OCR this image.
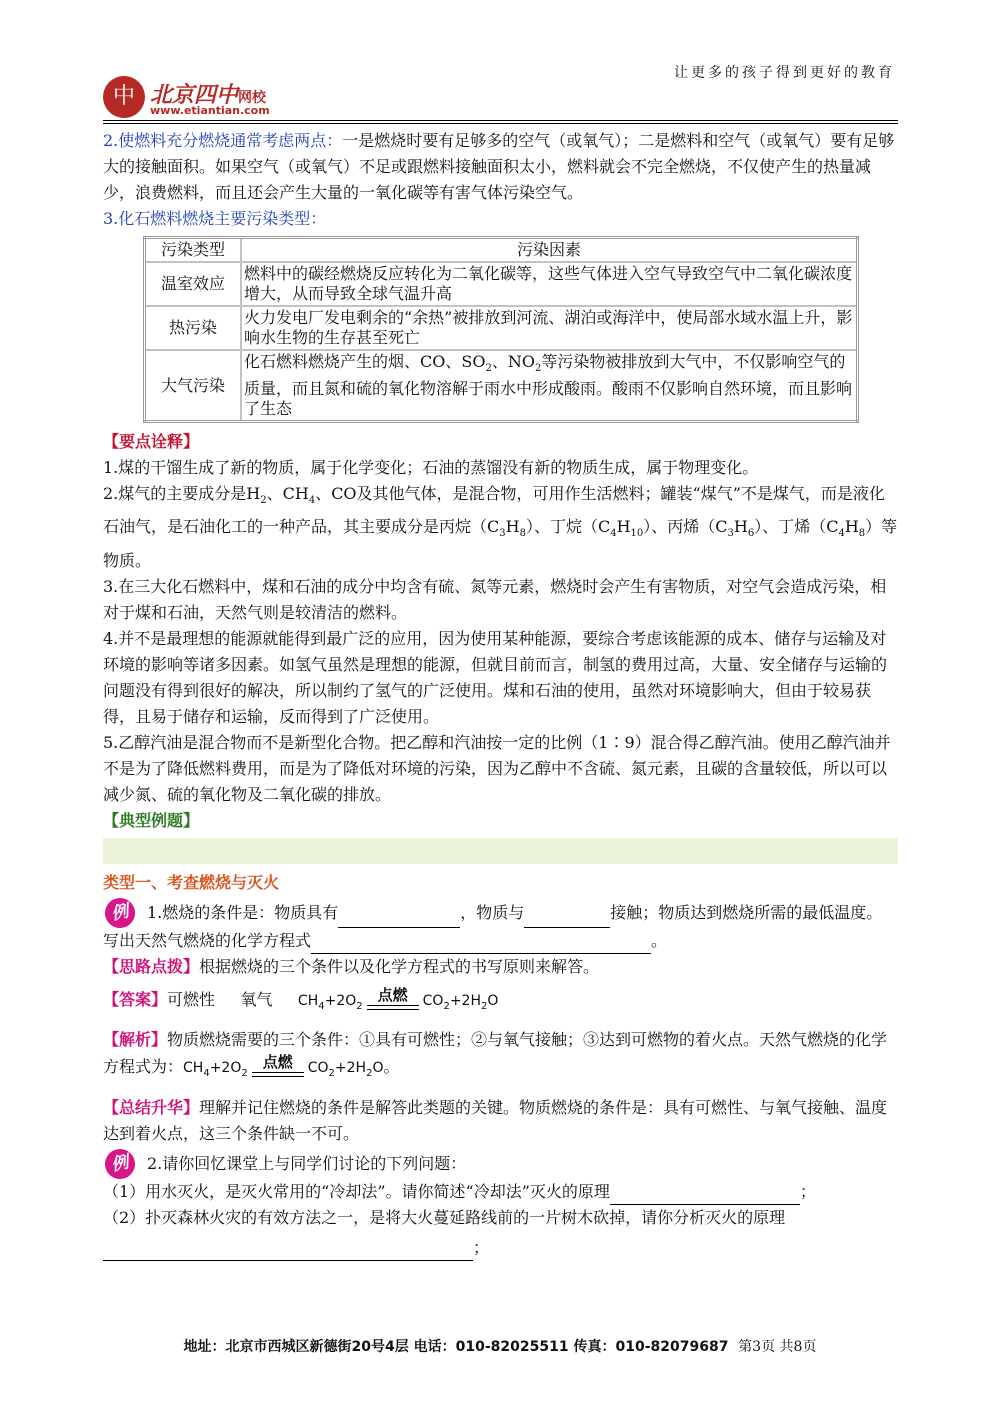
让更多的孩子得到更好的教育
中 北京四中网校
www.etiantian.com

2.使燃料充分燃烧通常考虑两点：一是燃烧时要有足够多的空气（或氧气）；二是燃料和空气（或氧气）要有足够大的接触面积。如果空气（或氧气）不足或跟燃料接触面积太小，燃料就会不完全燃烧，不仅使产生的热量减少，浪费燃料，而且还会产生大量的一氧化碳等有害气体污染空气。

3.化石燃料燃烧主要污染类型：

污染类型	污染因素
温室效应	燃料中的碳经燃烧反应转化为二氧化碳等，这些气体进入空气导致空气中二氧化碳浓度增大，从而导致全球气温升高
热污染	火力发电厂发电剩余的“余热”被排放到河流、湖泊或海洋中，使局部水域水温上升，影响水生物的生存甚至死亡
大气污染	化石燃料燃烧产生的烟、CO、$SO_2$、$NO_2$等污染物被排放到大气中，不仅影响空气的质量，而且氮和硫的氧化物溶解于雨水中形成酸雨。酸雨不仅影响自然环境，而且影响了生态

【要点诠释】

1.煤的干馏生成了新的物质，属于化学变化；石油的蒸馏没有新的物质生成，属于物理变化。

2.煤气的主要成分是$H_2$、$CH_4$、CO及其他气体，是混合物，可用作生活燃料；罐装“煤气”不是煤气，而是液化石油气，是石油化工的一种产品，其主要成分是丙烷$(C_3H_8)$、丁烷$(C_4H_{10})$、丙烯$(C_3H_6)$、丁烯$(C_4H_8)$等物质。

3.在三大化石燃料中，煤和石油的成分中均含有硫、氮等元素，燃烧时会产生有害物质，对空气会造成污染，相对于煤和石油，天然气则是较清洁的燃料。

4.并不是最理想的能源就能得到最广泛的应用，因为使用某种能源，要综合考虑该能源的成本、储存与运输及对环境的影响等诸多因素。如氢气虽然是理想的能源，但就目前而言，制氢的费用过高，大量、安全储存与运输的问题没有得到很好的解决，所以制约了氢气的广泛使用。煤和石油的使用，虽然对环境影响大，但由于较易获得，且易于储存和运输，反而得到了广泛使用。

5.乙醇汽油是混合物而不是新型化合物。把乙醇和汽油按一定的比例（1∶9）混合得乙醇汽油。使用乙醇汽油并不是为了降低燃料费用，而是为了降低对环境的污染，因为乙醇中不含硫、氮元素，且碳的含量较低，所以可以减少氮、硫的氧化物及二氧化碳的排放。

【典型例题】

类型一、考查燃烧与灭火

例 1.燃烧的条件是：物质具有	，物质与	接触；物质达到燃烧所需的最低温度。写出天然气燃烧的化学方程式	。

【思路点拨】根据燃烧的三个条件以及化学方程式的书写原则来解答。

【答案】可燃性 氧气 $CH_4+2O_2$
点燃	$CO_2+2H_2O$

【解析】物质燃烧需要的三个条件：①具有可燃性；②与氧气接触；③达到可燃物的着火点。天然气燃烧的化学方程式为：$CH_4+2O_2$
点燃	$CO_2+2H_2O$。

【总结升华】理解并记住燃烧的条件是解答此类题的关键。物质燃烧的条件是：具有可燃性、与氧气接触、温度达到着火点，这三个条件缺一不可。

例 2.请你回忆课堂上与同学们讨论的下列问题：

（1）用水灭火，是灭火常用的“冷却法”。请你简述“冷却法”灭火的原理	；

（2）扑灭森林火灾的有效方法之一，是将大火蔓延路线前的一片树木砍掉，请你分析灭火的原理

；

地址：北京市西城区新德街20号4层 电话：010-82025511 传真：010-82079687 第3页 共8页
